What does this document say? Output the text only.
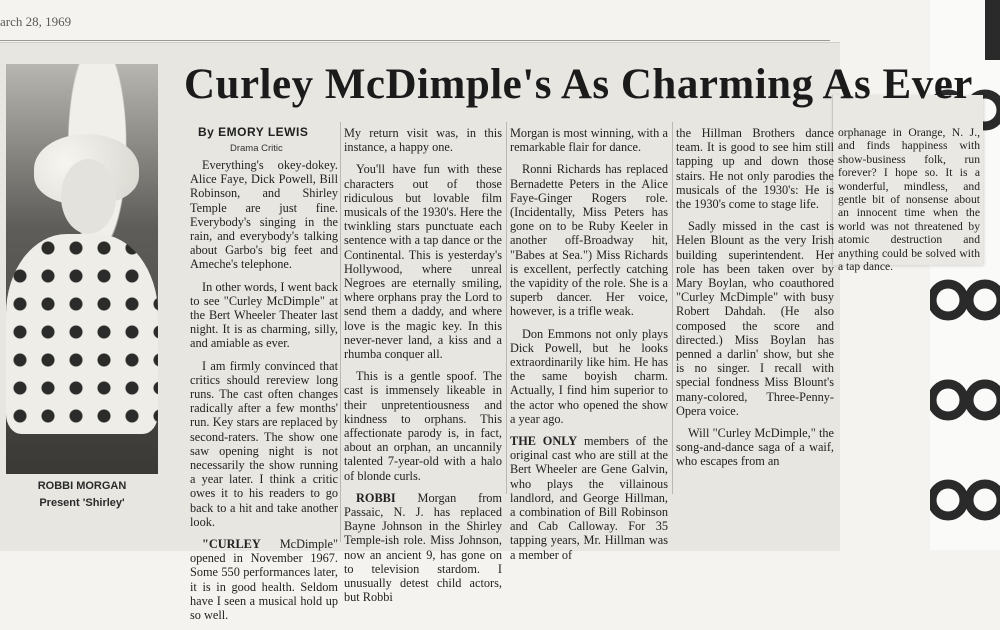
arch 28, 1969
ROBBI MORGAN
Present 'Shirley'
Curley McDimple's As Charming As Ever
By EMORY LEWIS
Drama Critic

Everything's okey-dokey. Alice Faye, Dick Powell, Bill Robinson, and Shirley Temple are just fine. Everybody's singing in the rain, and everybody's talking about Garbo's big feet and Ameche's telephone.

In other words, I went back to see "Curley McDimple" at the Bert Wheeler Theater last night. It is as charming, silly, and amiable as ever.

I am firmly convinced that critics should rereview long runs. The cast often changes radically after a few months' run. Key stars are replaced by second-raters. The show one saw opening night is not necessarily the show running a year later. I think a critic owes it to his readers to go back to a hit and take another look.

"CURLEY McDimple" opened in November 1967. Some 550 performances later, it is in good health. Seldom have I seen a musical hold up so well.

My return visit was, in this instance, a happy one.

You'll have fun with these characters out of those ridiculous but lovable film musicals of the 1930's. Here the twinkling stars punctuate each sentence with a tap dance or the Continental. This is yesterday's Hollywood, where unreal Negroes are eternally smiling, where orphans pray the Lord to send them a daddy, and where love is the magic key. In this never-never land, a kiss and a rhumba conquer all.

This is a gentle spoof. The cast is immensely likeable in their unpretentiousness and kindness to orphans. This affectionate parody is, in fact, about an orphan, an uncannily talented 7-year-old with a halo of blonde curls.

ROBBI Morgan from Passaic, N. J. has replaced Bayne Johnson in the Shirley Temple-ish role. Miss Johnson, now an ancient 9, has gone on to television stardom. I unusually detest child actors, but Robbi

Morgan is most winning, with a remarkable flair for dance.

Ronni Richards has replaced Bernadette Peters in the Alice Faye-Ginger Rogers role. (Incidentally, Miss Peters has gone on to be Ruby Keeler in another off-Broadway hit, "Babes at Sea.") Miss Richards is excellent, perfectly catching the vapidity of the role. She is a superb dancer. Her voice, however, is a trifle weak.

Don Emmons not only plays Dick Powell, but he looks extraordinarily like him. He has the same boyish charm. Actually, I find him superior to the actor who opened the show a year ago.

THE ONLY members of the original cast who are still at the Bert Wheeler are Gene Galvin, who plays the villainous landlord, and George Hillman, a combination of Bill Robinson and Cab Calloway. For 35 tapping years, Mr. Hillman was a member of

the Hillman Brothers dance team. It is good to see him still tapping up and down those stairs. He not only parodies the musicals of the 1930's: He is the 1930's come to stage life.

Sadly missed in the cast is Helen Blount as the very Irish building superintendent. Her role has been taken over by Mary Boylan, who coauthored "Curley McDimple" with busy Robert Dahdah. (He also composed the score and directed.) Miss Boylan has penned a darlin' show, but she is no singer. I recall with special fondness Miss Blount's many-colored, Three-Penny-Opera voice.

Will "Curley McDimple," the song-and-dance saga of a waif, who escapes from an

orphanage in Orange, N. J., and finds happiness with show-business folk, run forever? I hope so. It is a wonderful, mindless, and gentle bit of nonsense about an innocent time when the world was not threatened by atomic destruction and anything could be solved with a tap dance.
